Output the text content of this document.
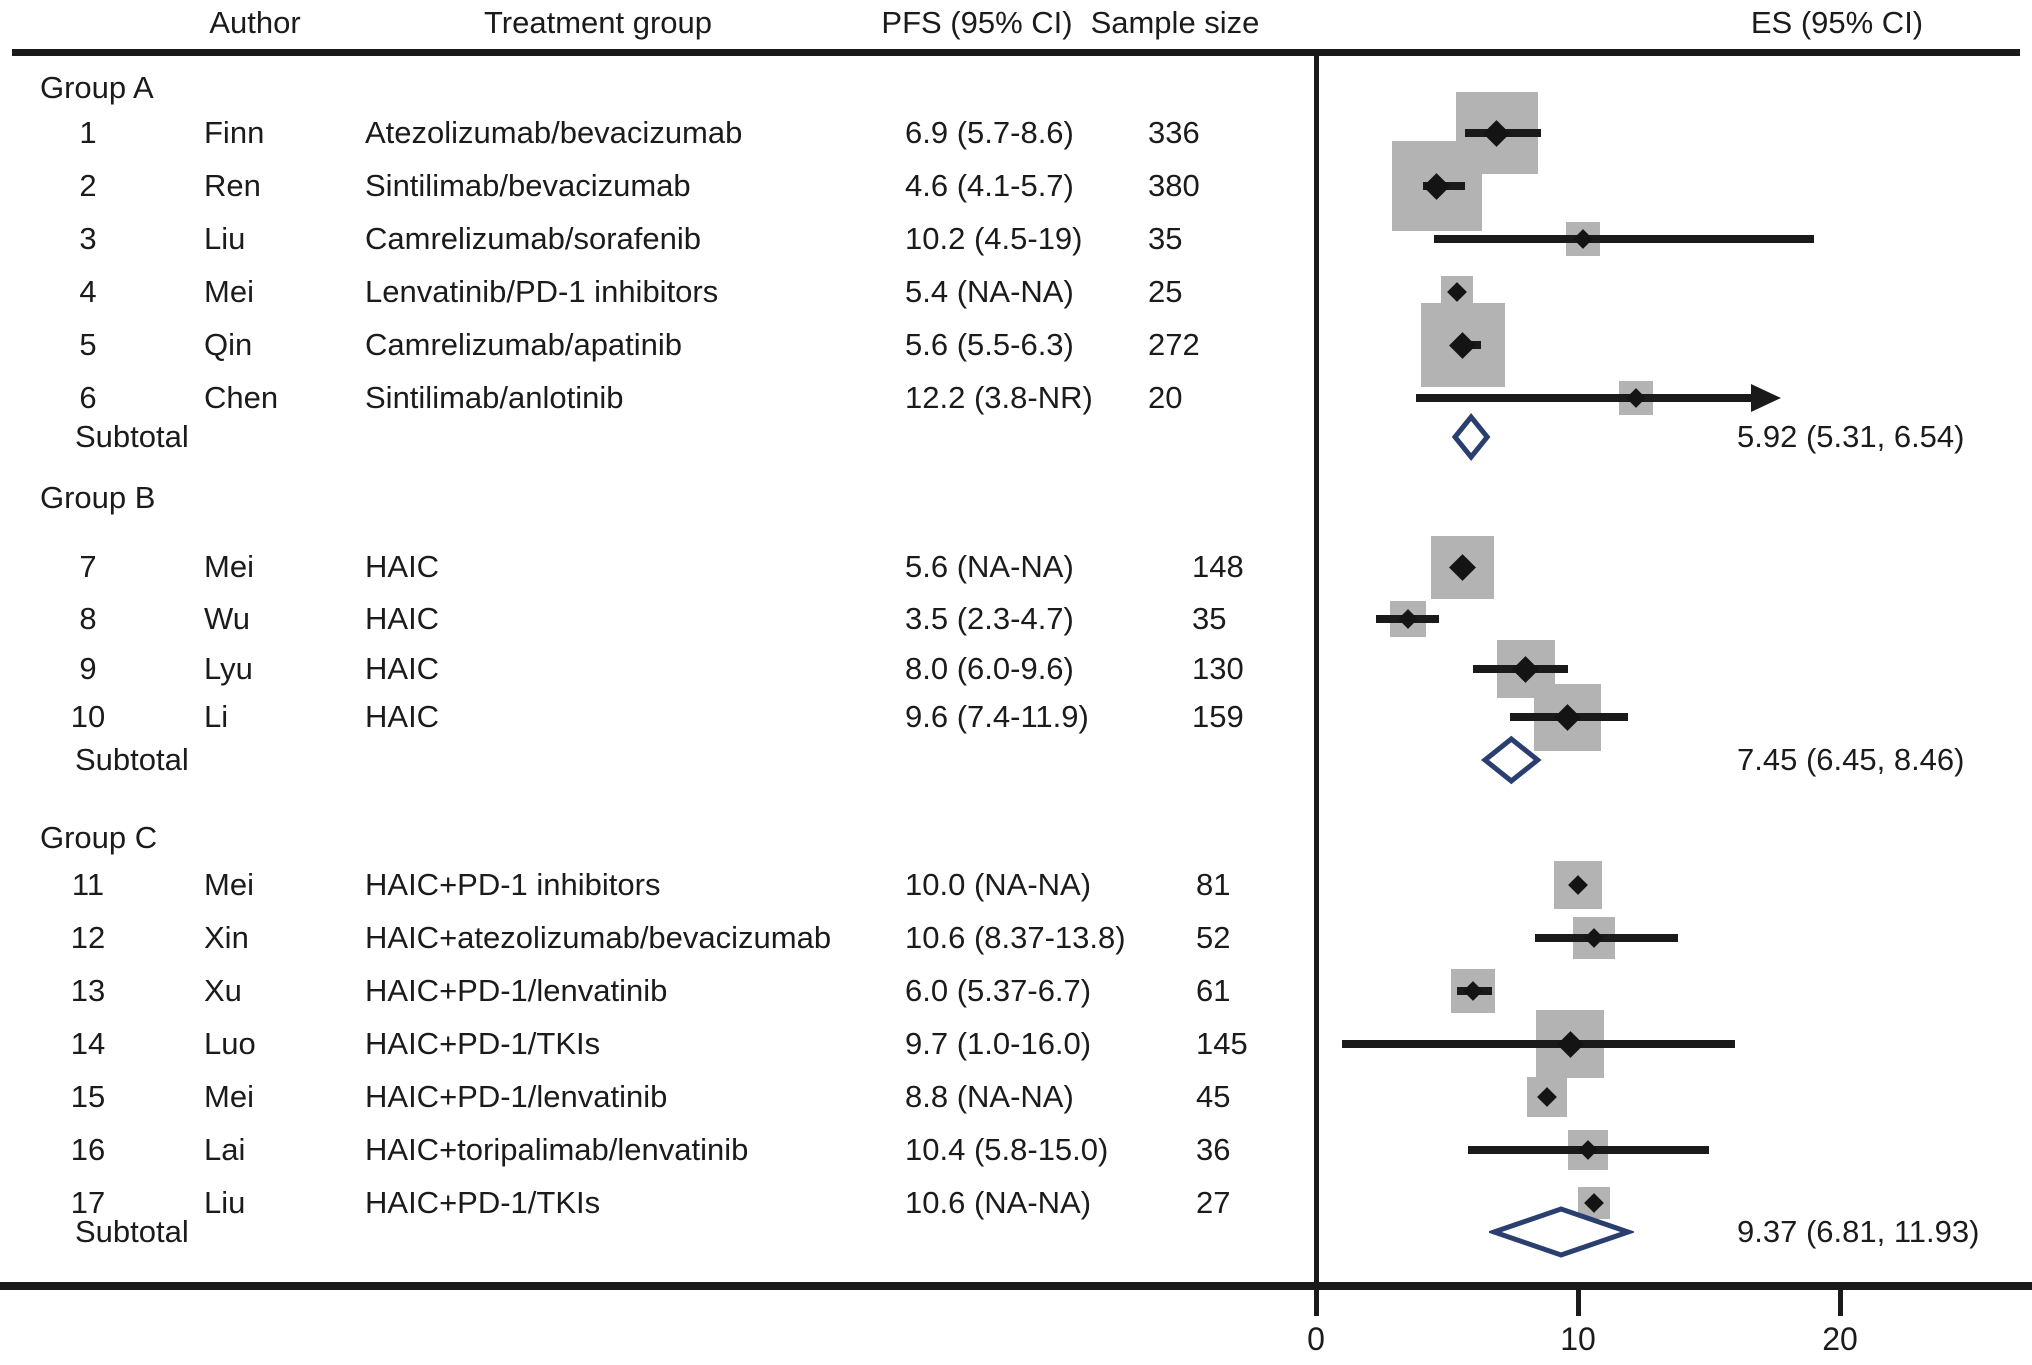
Author	Treatment group	PFS (95% CI) Sample size	ES (95% CI)
Group A
1	Finn	Atezolizumab/bevacizumab	6.9 (5.7-8.6) 336
2	Ren	Sintilimab/bevacizumab	4.6 (4.1-5.7) 380
3	Liu	Camrelizumab/sorafenib	10.2 (4.5-19) 35
4	Mei	Lenvatinib/PD-1 inhibitors	5.4 (NA-NA) 25
5	Qin	Camrelizumab/apatinib	5.6 (5.5-6.3) 272
6	Chen	Sintilimab/anlotinib	12.2 (3.8-NR) 20
Subtotal	5.92 (5.31, 6.54)
Group B
7	Mei	HAIC	5.6 (NA-NA)	148
8	Wu	HAIC	3.5 (2.3-4.7)	35
9	Lyu	HAIC	8.0 (6.0-9.6)	130
10	Li	HAIC	9.6 (7.4-11.9)	159
Subtotal	7.45 (6.45, 8.46)
Group C
11	Mei	HAIC+PD-1 inhibitors	10.0 (NA-NA)	81
12	Xin	HAIC+atezolizumab/bevacizumab 10.6 (8.37-13.8) 52
13	Xu	HAIC+PD-1/lenvatinib	6.0 (5.37-6.7)	61
14	Luo	HAIC+PD-1/TKIs	9.7 (1.0-16.0)	145
15	Mei	HAIC+PD-1/lenvatinib	8.8 (NA-NA)	45
16	Lai	HAIC+toripalimab/lenvatinib	10.4 (5.8-15.0)	36
17	Liu	HAIC+PD-1/TKIs	10.6 (NA-NA)	27
Subtotal	9.37 (6.81, 11.93)
0	10	20
